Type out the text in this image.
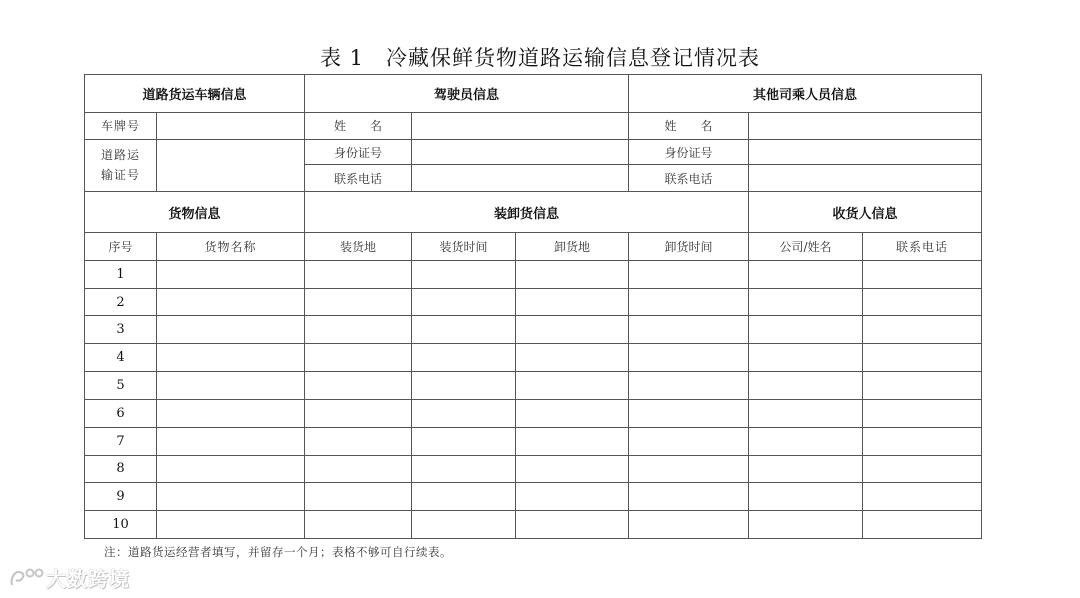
表 1　冷藏保鲜货物道路运输信息登记情况表
道路货运车辆信息		驾驶员信息			其他司乘人员信息		
车牌号		姓　　名			姓　　名		

道路运输证号		身份证号			身份证号		
		联系电话			联系电话		
货物信息		装卸货信息				收货人信息	
序号	货物名称	装货地	装货时间	卸货地	卸货时间	公司/姓名	联系电话
1							
2							
3							
4							
5							
6							
7							
8							
9							
10							
注：道路货运经营者填写，并留存一个月；表格不够可自行续表。
大数跨境
